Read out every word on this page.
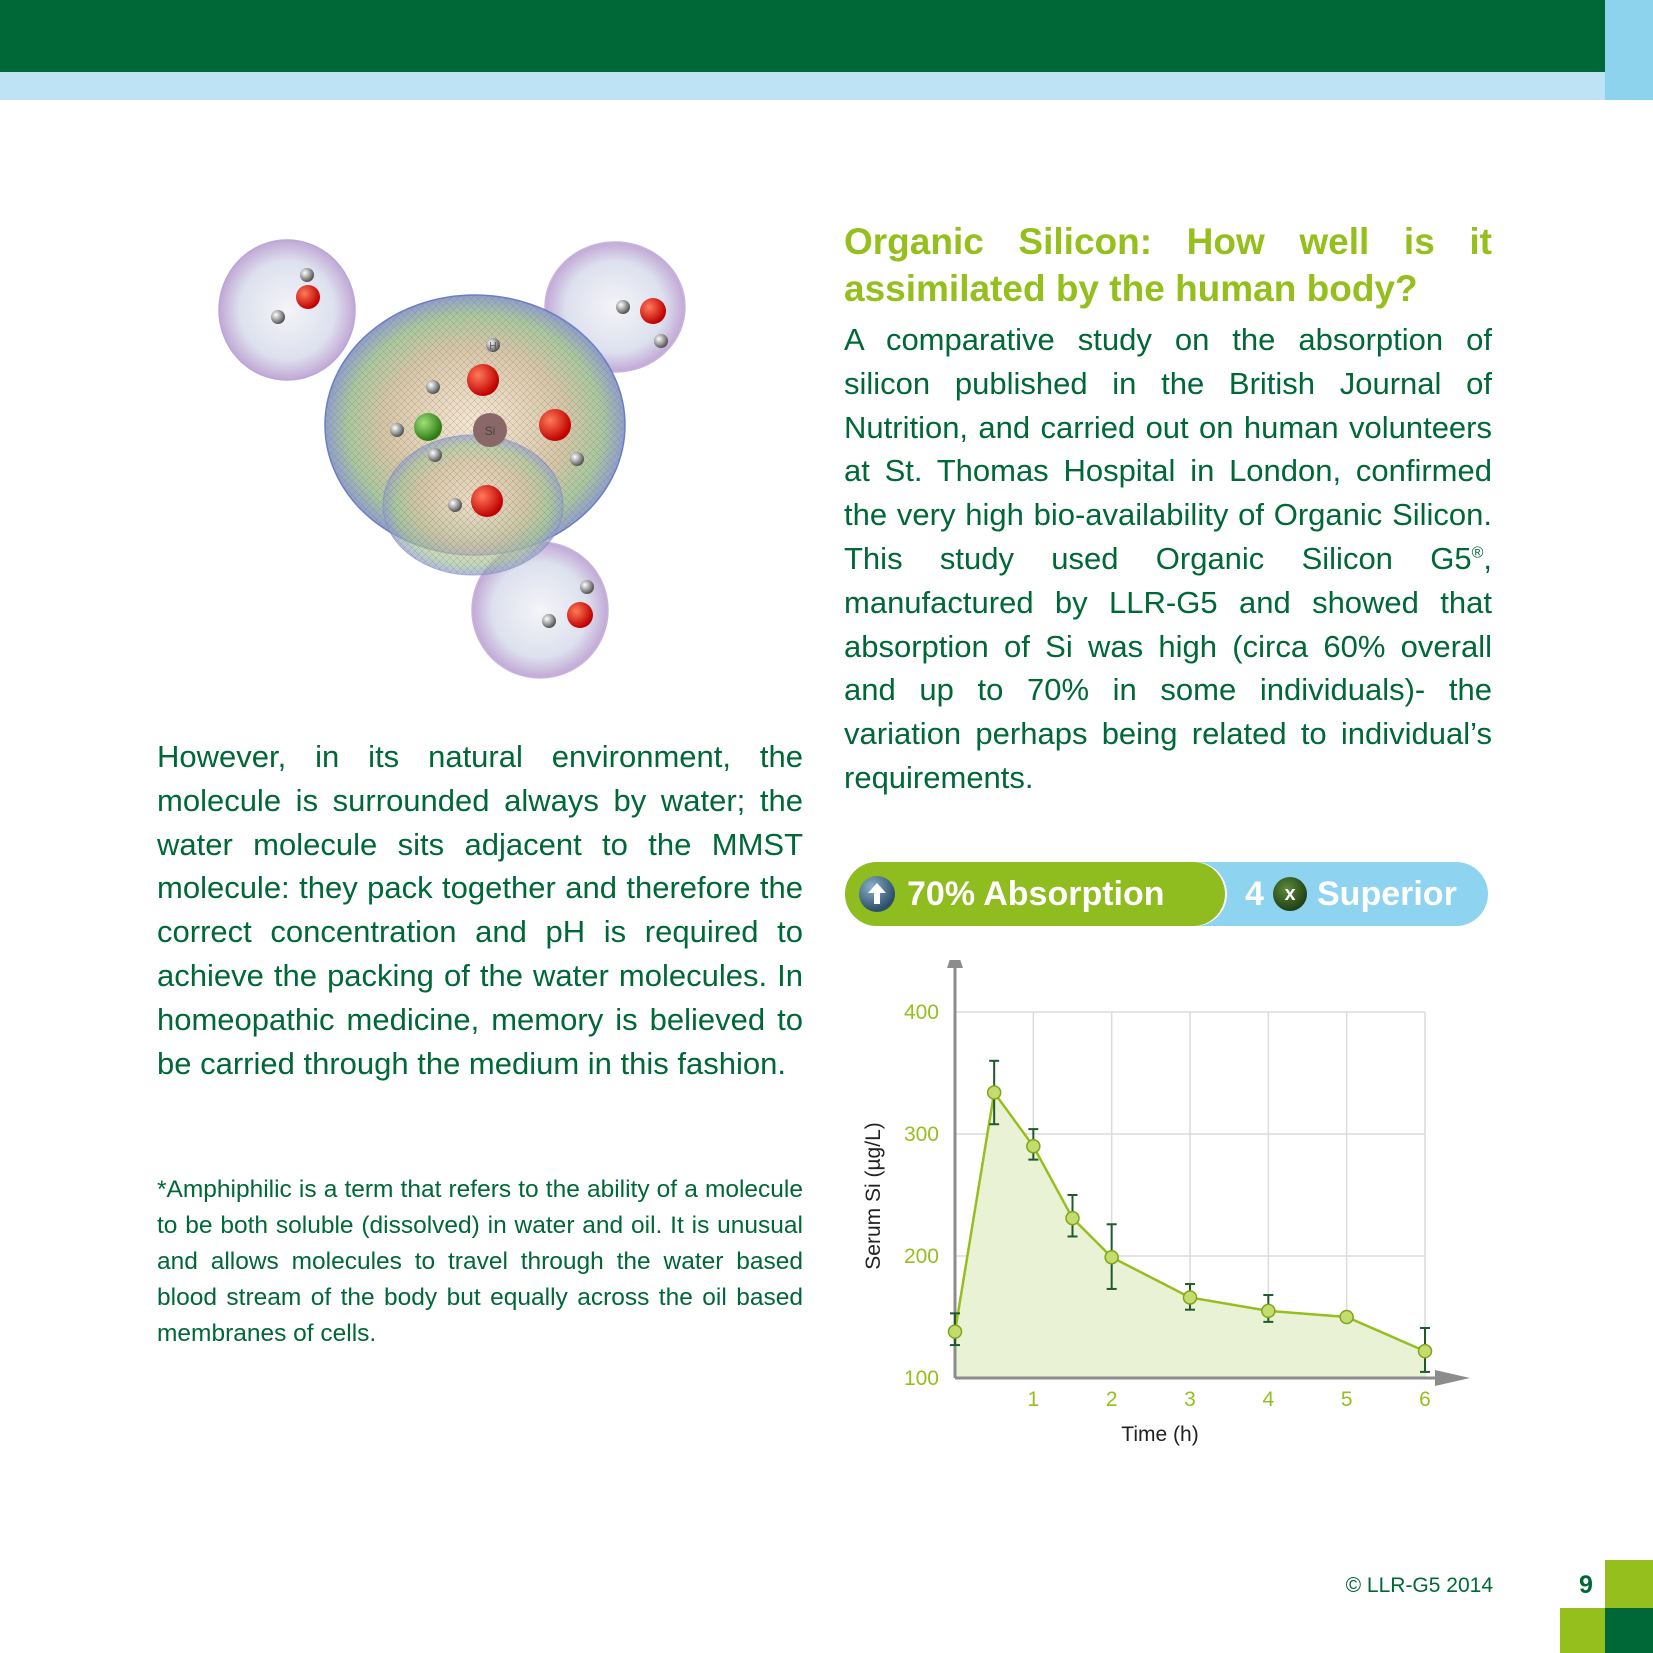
Si
H

However, in its natural environment, the molecule is surrounded always by water; the water molecule sits adjacent to the MMST molecule: they pack together and therefore the correct concentration and pH is required to achieve the packing of the water molecules. In homeopathic medicine, memory is believed to be carried through the medium in this fashion.

*Amphiphilic is a term that refers to the ability of a molecule to be both soluble (dissolved) in water and oil. It is unusual and allows molecules to travel through the water based blood stream of the body but equally across the oil based membranes of cells.

Organic Silicon: How well is it assimilated by the human body?

A comparative study on the absorption of silicon published in the British Journal of Nutrition, and carried out on human volunteers at St. Thomas Hospital in London, confirmed the very high bio-availability of Organic Silicon. This study used Organic Silicon G5®, manufactured by LLR-G5 and showed that absorption of Si was high (circa 60% overall and up to 70% in some individuals)- the variation perhaps being related to individual’s requirements.

70% Absorption 4	x Superior
1	2	3	4	5	6
100
200
300
400
Time (h)
Serum Si (µg/L)
© LLR-G5 2014	9
